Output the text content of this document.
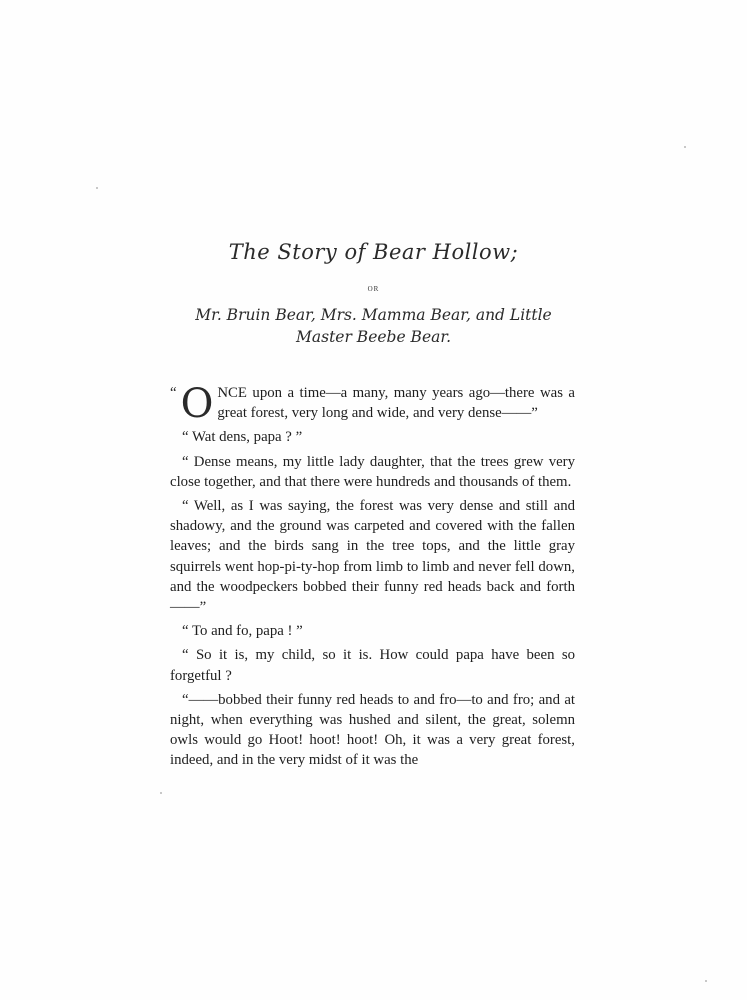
The Story of Bear Hollow;
OR
Mr. Bruin Bear, Mrs. Mamma Bear, and Little Master Beebe Bear.

“ O NCE upon a time—a many, many years ago—there was a great forest, very long and wide, and very dense——”

“ Wat dens, papa ? ”

“ Dense means, my little lady daughter, that the trees grew very close together, and that there were hundreds and thousands of them.

“ Well, as I was saying, the forest was very dense and still and shadowy, and the ground was carpeted and covered with the fallen leaves; and the birds sang in the tree tops, and the little gray squirrels went hop-pi-ty-hop from limb to limb and never fell down, and the woodpeckers bobbed their funny red heads back and forth——”

“ To and fo, papa ! ”

“ So it is, my child, so it is. How could papa have been so forgetful ?

“——bobbed their funny red heads to and fro—to and fro; and at night, when everything was hushed and silent, the great, solemn owls would go Hoot! hoot! hoot! Oh, it was a very great forest, indeed, and in the very midst of it was the
